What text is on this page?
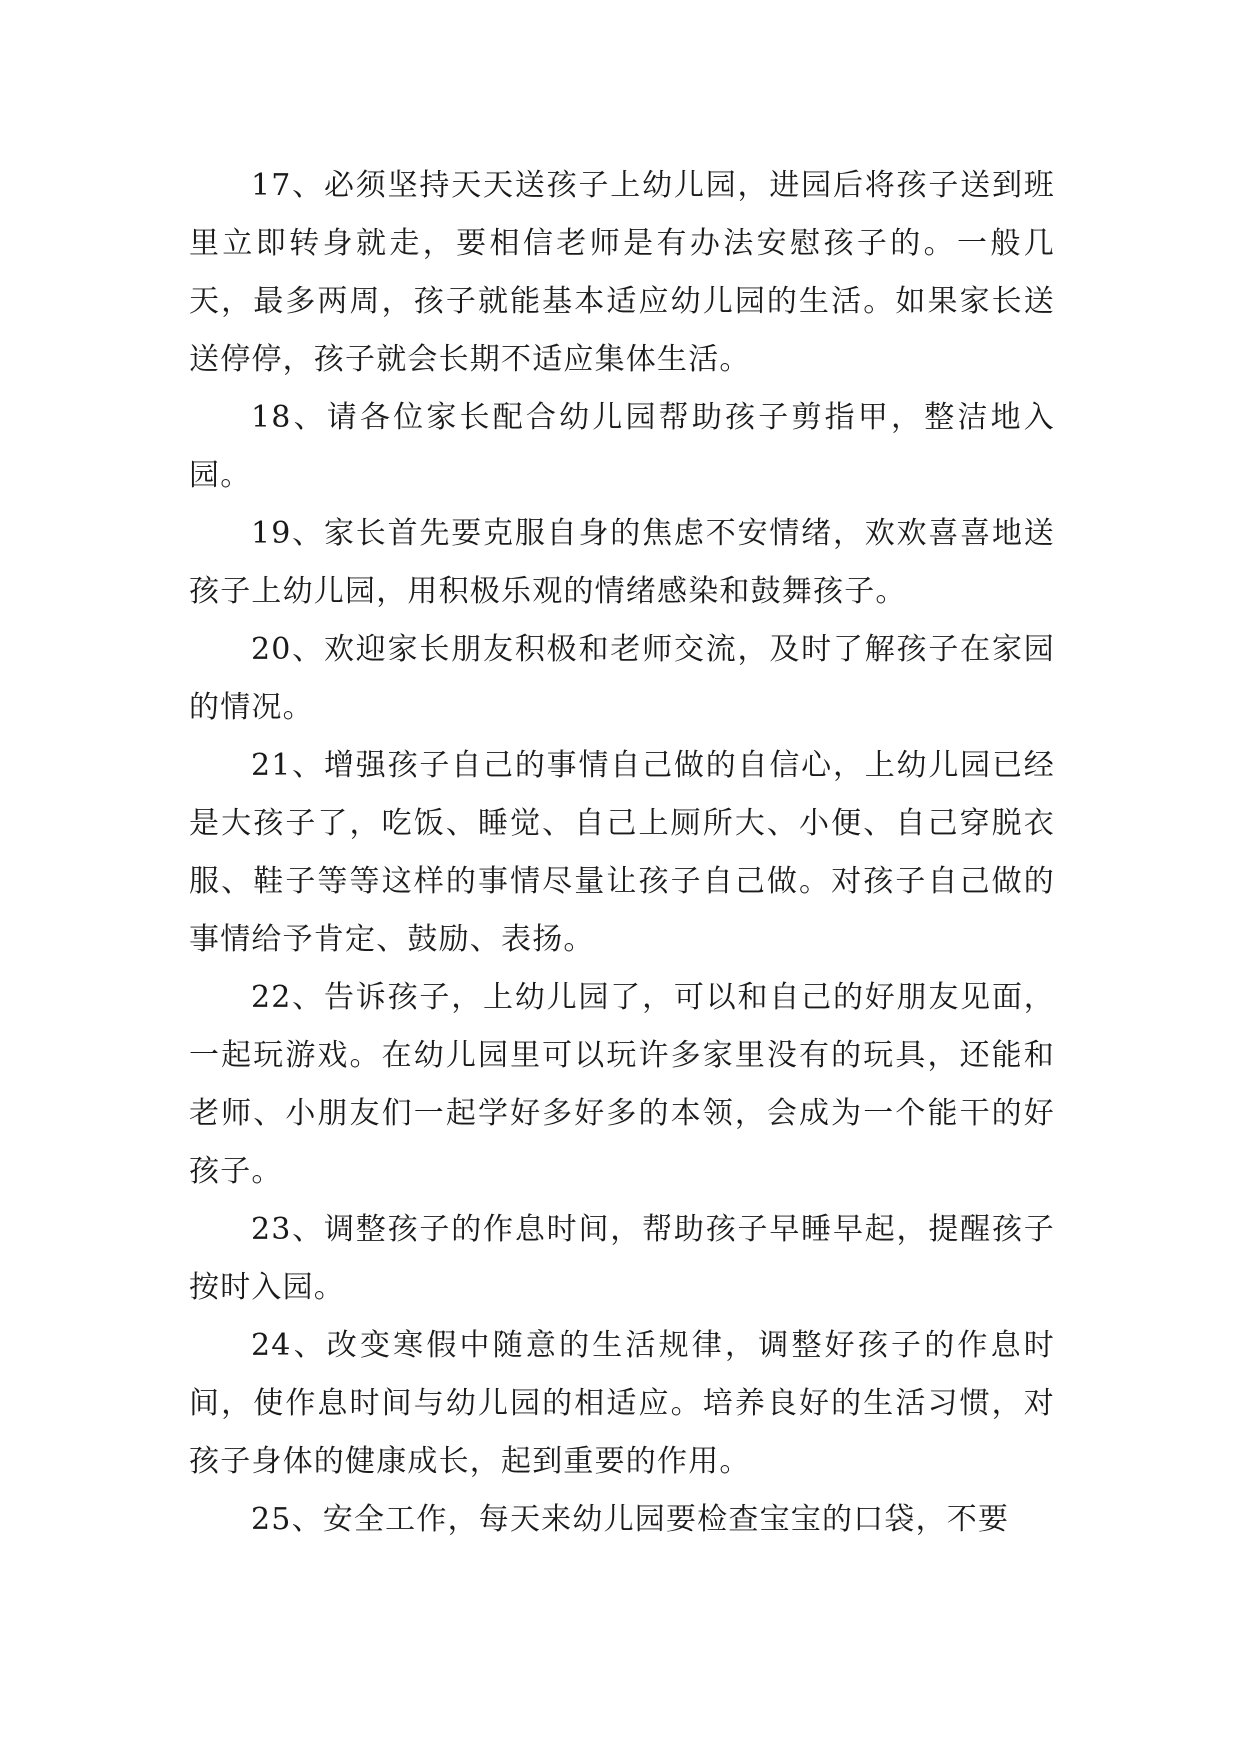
17、必须坚持天天送孩子上幼儿园，进园后将孩子送到班里立即转身就走，要相信老师是有办法安慰孩子的。一般几天，最多两周，孩子就能基本适应幼儿园的生活。如果家长送送停停，孩子就会长期不适应集体生活。

18、请各位家长配合幼儿园帮助孩子剪指甲，整洁地入园。

19、家长首先要克服自身的焦虑不安情绪，欢欢喜喜地送孩子上幼儿园，用积极乐观的情绪感染和鼓舞孩子。

20、欢迎家长朋友积极和老师交流，及时了解孩子在家园的情况。

21、增强孩子自己的事情自己做的自信心，上幼儿园已经是大孩子了，吃饭、睡觉、自己上厕所大、小便、自己穿脱衣服、鞋子等等这样的事情尽量让孩子自己做。对孩子自己做的事情给予肯定、鼓励、表扬。

22、告诉孩子，上幼儿园了，可以和自己的好朋友见面，一起玩游戏。在幼儿园里可以玩许多家里没有的玩具，还能和老师、小朋友们一起学好多好多的本领，会成为一个能干的好孩子。

23、调整孩子的作息时间，帮助孩子早睡早起，提醒孩子按时入园。

24、改变寒假中随意的生活规律，调整好孩子的作息时间，使作息时间与幼儿园的相适应。培养良好的生活习惯，对孩子身体的健康成长，起到重要的作用。

25、安全工作，每天来幼儿园要检查宝宝的口袋，不要
